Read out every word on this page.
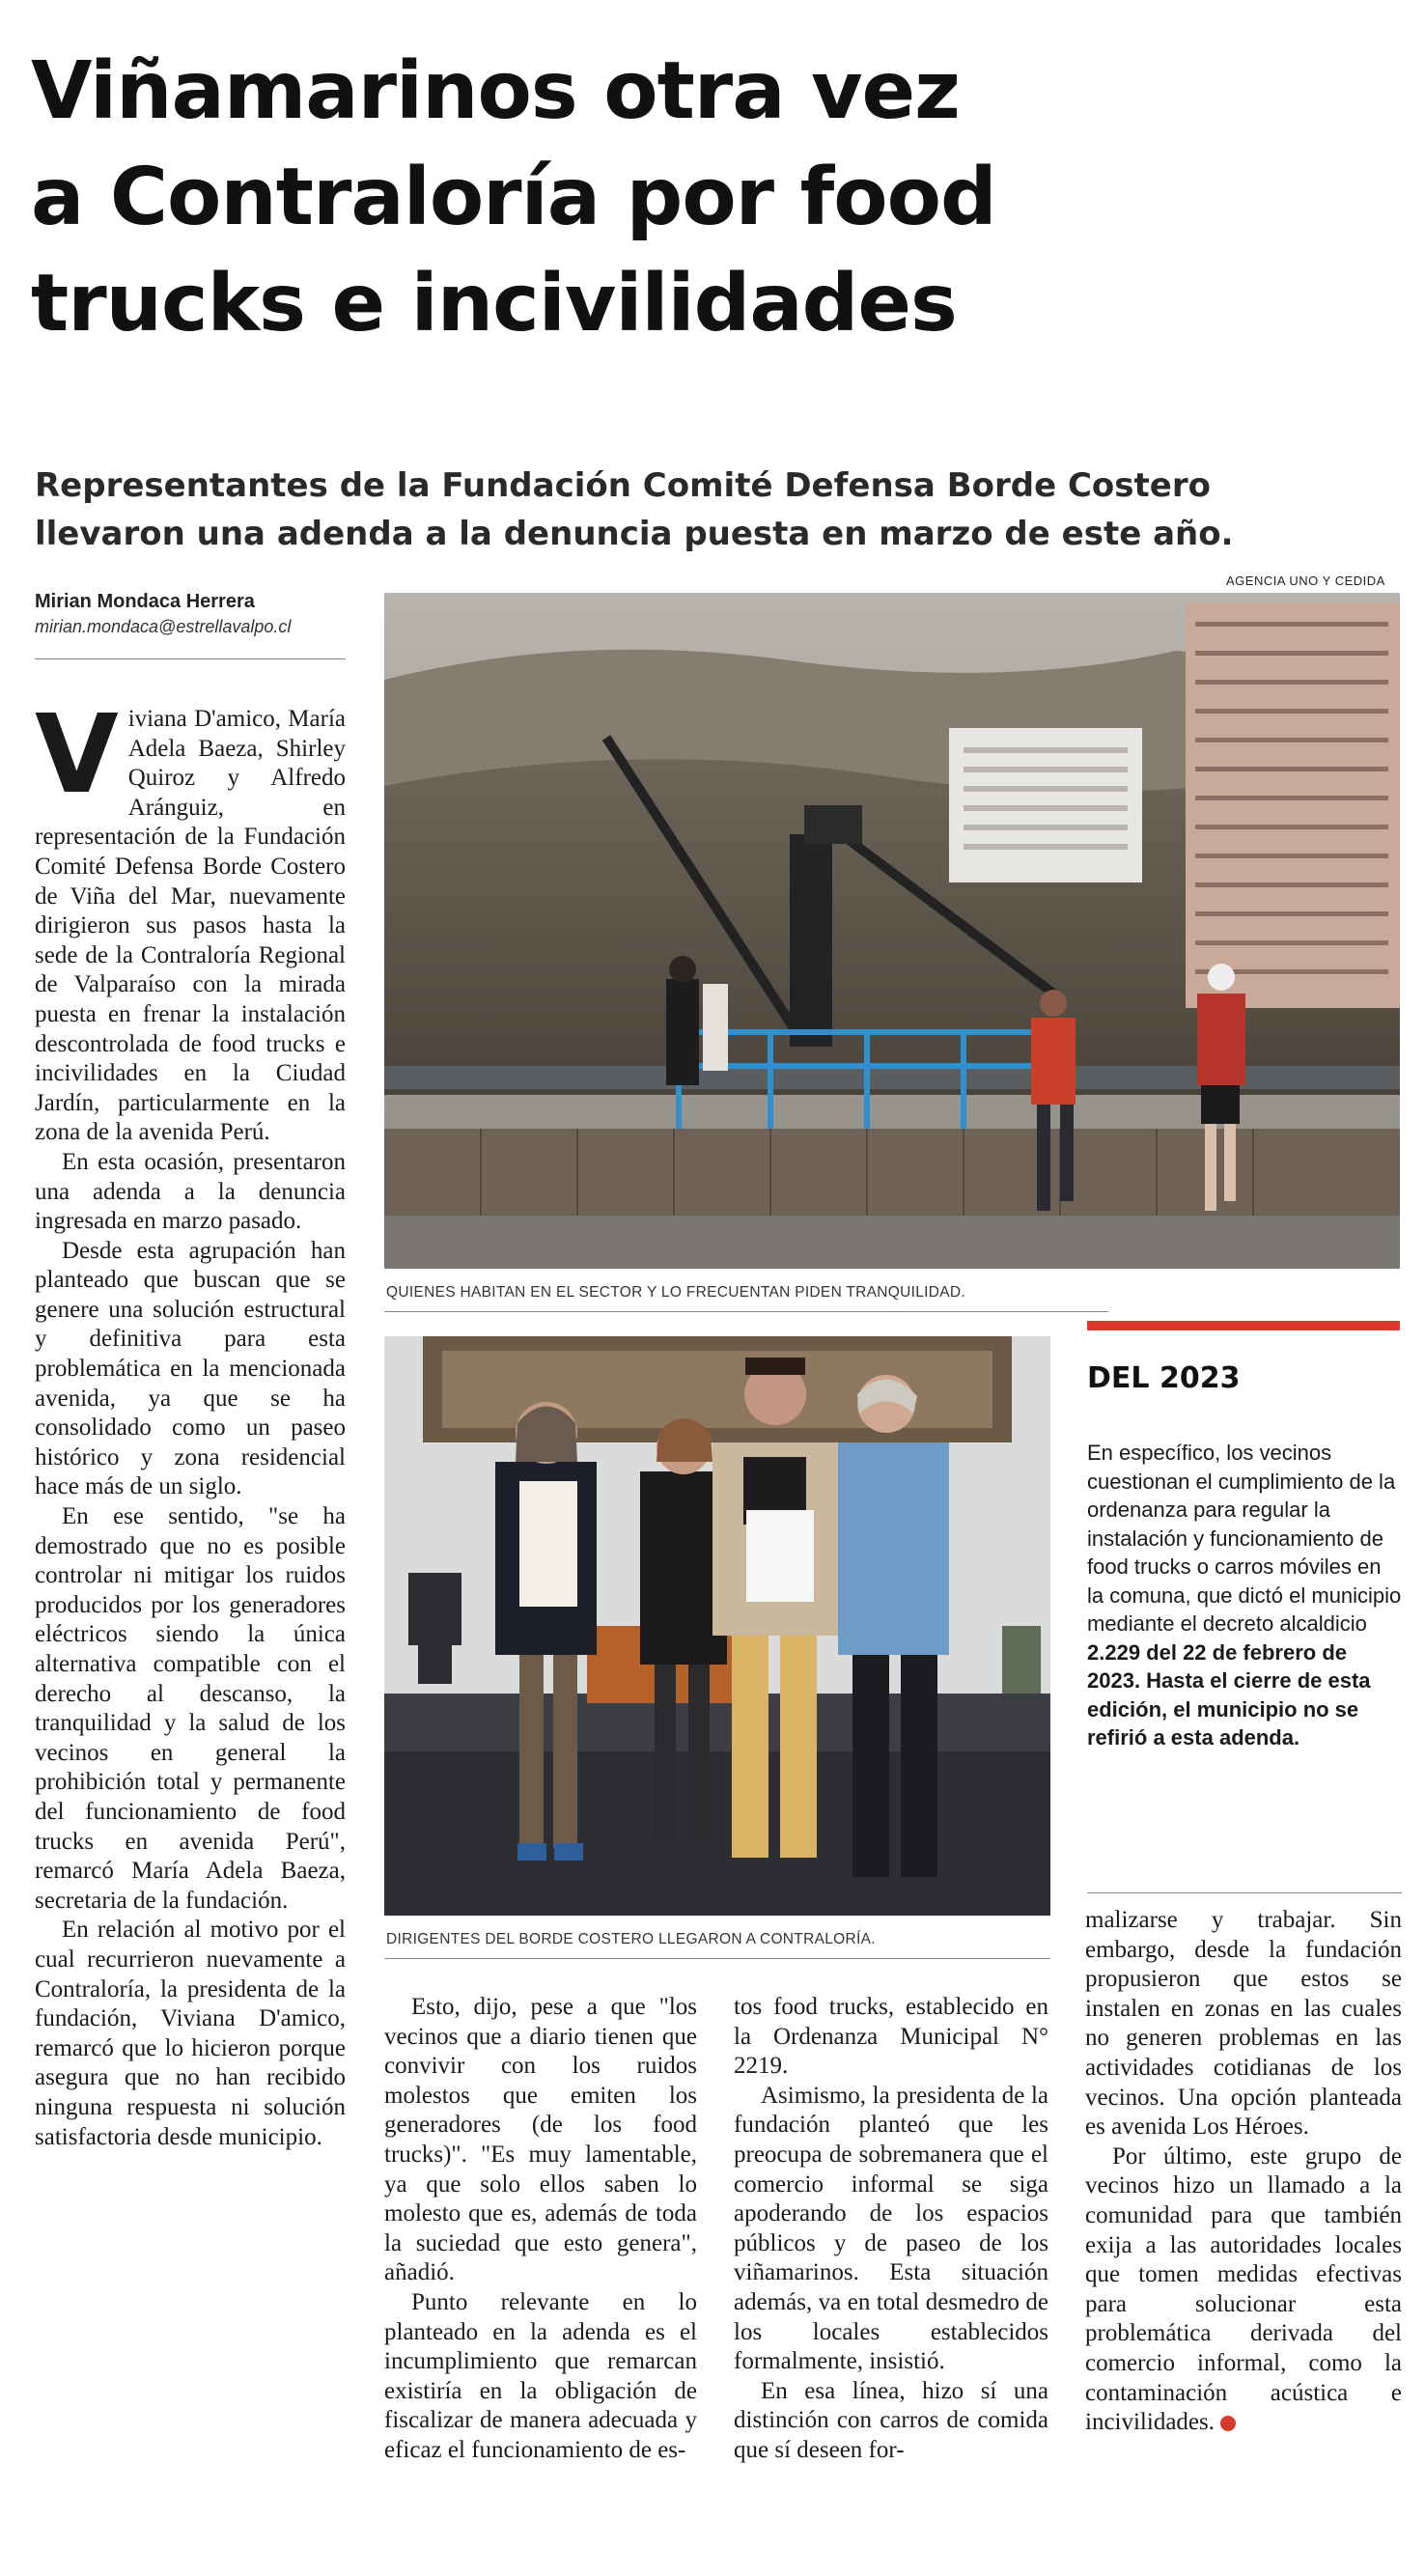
Viñamarinos otra vez
a Contraloría por food
trucks e incivilidades
Representantes de la Fundación Comité Defensa Borde Costero
llevaron una adenda a la denuncia puesta en marzo de este año.
Mirian Mondaca Herrera
mirian.mondaca@estrellavalpo.cl
AGENCIA UNO Y CEDIDA
QUIENES HABITAN EN EL SECTOR Y LO FRECUENTAN PIDEN TRANQUILIDAD.
DIRIGENTES DEL BORDE COSTERO LLEGARON A CONTRALORÍA.
DEL 2023
En específico, los vecinos cuestionan el cumplimiento de la ordenanza para regular la instalación y funcionamiento de food trucks o carros móviles en la comuna, que dictó el municipio mediante el decreto alcaldicio 2.229 del 22 de febrero de 2023. Hasta el cierre de esta edición, el municipio no se refirió a esta adenda.

Viviana D'amico, María Adela Baeza, Shirley Quiroz y Alfredo Aránguiz, en representación de la Fundación Comité Defensa Borde Costero de Viña del Mar, nuevamente dirigieron sus pasos hasta la sede de la Contraloría Regional de Valparaíso con la mirada puesta en frenar la instalación descontrolada de food trucks e incivilidades en la Ciudad Jardín, particularmente en la zona de la avenida Perú.

En esta ocasión, presentaron una adenda a la denuncia ingresada en marzo pasado.

Desde esta agrupación han planteado que buscan que se genere una solución estructural y definitiva para esta problemática en la mencionada avenida, ya que se ha consolidado como un paseo histórico y zona residencial hace más de un siglo.

En ese sentido, "se ha demostrado que no es posible controlar ni mitigar los ruidos producidos por los generadores eléctricos siendo la única alternativa compatible con el derecho al descanso, la tranquilidad y la salud de los vecinos en general la prohibición total y permanente del funcionamiento de food trucks en avenida Perú", remarcó María Adela Baeza, secretaria de la fundación.

En relación al motivo por el cual recurrieron nuevamente a Contraloría, la presidenta de la fundación, Viviana D'amico, remarcó que lo hicieron porque asegura que no han recibido ninguna respuesta ni solución satisfactoria desde municipio.

Esto, dijo, pese a que "los vecinos que a diario tienen que convivir con los ruidos molestos que emiten los generadores (de los food trucks)". "Es muy lamentable, ya que solo ellos saben lo molesto que es, además de toda la suciedad que esto genera", añadió.

Punto relevante en lo planteado en la adenda es el incumplimiento que remarcan existiría en la obligación de fiscalizar de manera adecuada y eficaz el funcionamiento de es-

tos food trucks, establecido en la Ordenanza Municipal N° 2219.

Asimismo, la presidenta de la fundación planteó que les preocupa de sobremanera que el comercio informal se siga apoderando de los espacios públicos y de paseo de los viñamarinos. Esta situación además, va en total desmedro de los locales establecidos formalmente, insistió.

En esa línea, hizo sí una distinción con carros de comida que sí deseen for-

malizarse y trabajar. Sin embargo, desde la fundación propusieron que estos se instalen en zonas en las cuales no generen problemas en las actividades cotidianas de los vecinos. Una opción planteada es avenida Los Héroes.

Por último, este grupo de vecinos hizo un llamado a la comunidad para que también exija a las autoridades locales que tomen medidas efectivas para solucionar esta problemática derivada del comercio informal, como la contaminación acústica e incivilidades.
